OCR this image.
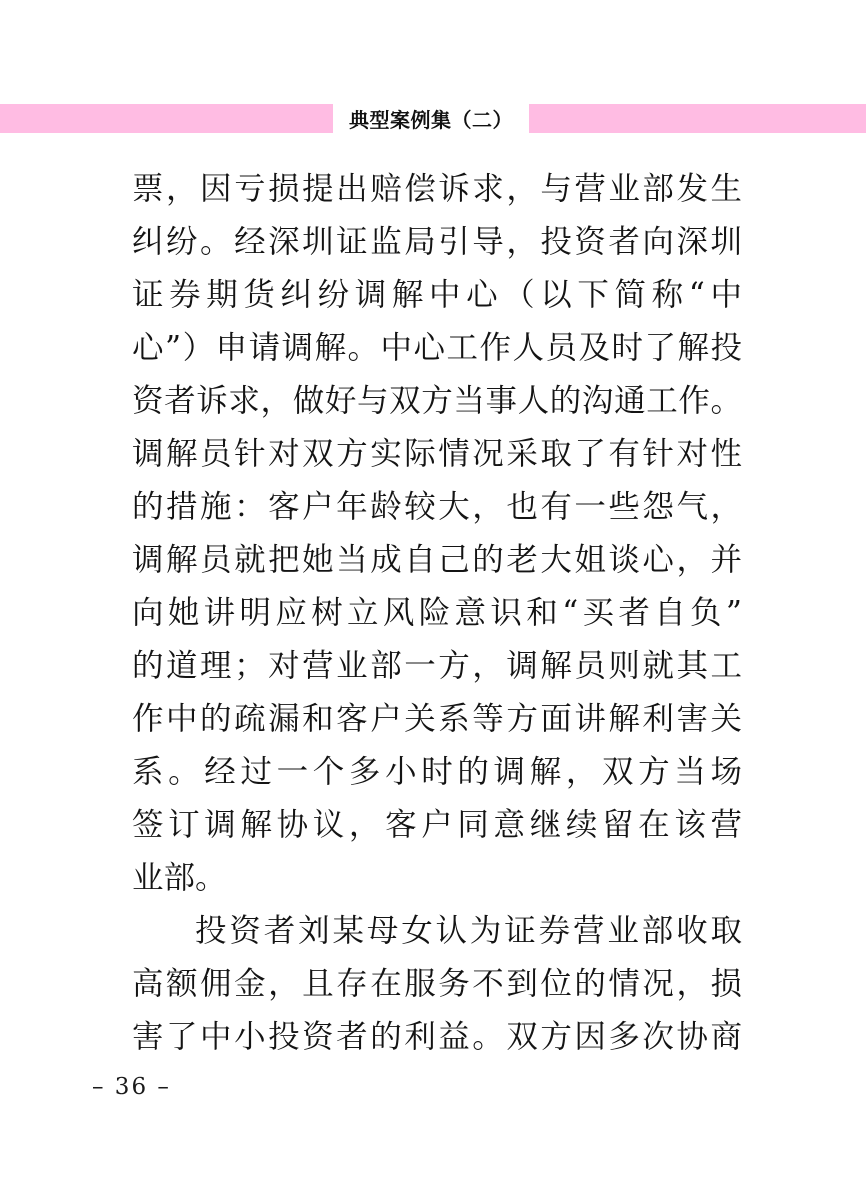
典型案例集（二）
票，因亏损提出赔偿诉求，与营业部发生
纠纷。经深圳证监局引导，投资者向深圳
证券期货纠纷调解中心（以下简称“中
心”）申请调解。中心工作人员及时了解投
资者诉求，做好与双方当事人的沟通工作。
调解员针对双方实际情况采取了有针对性
的措施：客户年龄较大，也有一些怨气，
调解员就把她当成自己的老大姐谈心，并
向她讲明应树立风险意识和“买者自负”
的道理；对营业部一方，调解员则就其工
作中的疏漏和客户关系等方面讲解利害关
系。经过一个多小时的调解，双方当场
签订调解协议，客户同意继续留在该营
业部。
投资者刘某母女认为证券营业部收取
高额佣金，且存在服务不到位的情况，损
害了中小投资者的利益。双方因多次协商
– 36 –
